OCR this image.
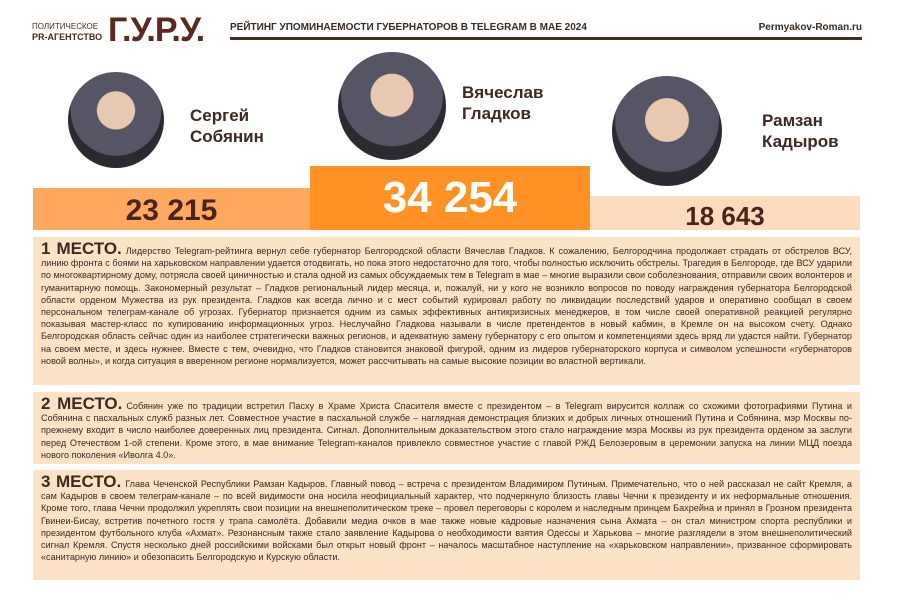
ПОЛИТИЧЕСКОЕ
PR-АГЕНТСТВО Г.У.Р.У.	РЕЙТИНГ УПОМИНАЕМОСТИ ГУБЕРНАТОРОВ В TELEGRAM В МАЕ 2024	Permyakov-Roman.ru
Сергей
Собянин
Вячеслав
Гладков	Рамзан
Кадыров
23 215	34 254	18 643
1 МЕСТО. Лидерство Telegram-рейтинга вернул себе губернатор Белгородской области Вячеслав Гладков. К сожалению, Белгородчина продолжает страдать от обстрелов ВСУ, линию фронта с боями на харьковском направлении удается отодвигать, но пока этого недостаточно для того, чтобы полностью исключить обстрелы. Трагедия в Белгороде, где ВСУ ударили по многоквартирному дому, потрясла своей циничностью и стала одной из самых обсуждаемых тем в Telegram в мае – многие выразили свои соболезнования, отправили своих волонтеров и гуманитарную помощь. Закономерный результат – Гладков региональный лидер месяца, и, пожалуй, ни у кого не возникло вопросов по поводу награждения губернатора Белгородской области орденом Мужества из рук президента. Гладков как всегда лично и с мест событий курировал работу по ликвидации последствий ударов и оперативно сообщал в своем персональном телеграм-канале об угрозах. Губернатор признается одним из самых эффективных антикризисных менеджеров, в том числе своей оперативной реакцией регулярно показывая мастер-класс по купированию информационных угроз. Неслучайно Гладкова называли в числе претендентов в новый кабмин, в Кремле он на высоком счету. Однако Белгородская область сейчас один из наиболее стратегически важных регионов, и адекватную замену губернатору с его опытом и компетенциями здесь вряд ли удастся найти. Губернатор на своем месте, и здесь нужнее. Вместе с тем, очевидно, что Гладков становится знаковой фигурой, одним из лидеров губернаторского корпуса и символом успешности «губернаторов новой волны», и когда ситуация в вверенном регионе нормализуется, может рассчитывать на самые высокие позиции во властной вертикали.
2 МЕСТО. Собянин уже по традиции встретил Пасху в Храме Христа Спасителя вместе с президентом – в Telegram вирусится коллаж со схожими фотографиями Путина и Собянина с пасхальных служб разных лет. Совместное участие в пасхальной службе – наглядная демонстрация близких и добрых личных отношений Путина и Собянина, мэр Москвы по-прежнему входит в число наиболее доверенных лиц президента. Сигнал. Дополнительным доказательством этого стало награждение мэра Москвы из рук президента орденом за заслуги перед Отечеством 1-ой степени. Кроме этого, в мае внимание Telegram-каналов привлекло совместное участие с главой РЖД Белозеровым в церемонии запуска на линии МЦД поезда нового поколения «Иволга 4.0».
3 МЕСТО. Глава Чеченской Республики Рамзан Кадыров. Главный повод – встреча с президентом Владимиром Путиным. Примечательно, что о ней рассказал не сайт Кремля, а сам Кадыров в своем телеграм-канале – по всей видимости она носила неофициальный характер, что подчеркнуло близость главы Чечни к президенту и их неформальные отношения. Кроме того, глава Чечни продолжил укреплять свои позиции на внешнеполитическом треке – провел переговоры с королем и наследным принцем Бахрейна и принял в Грозном президента Гвинеи-Бисау, встретив почетного гостя у трапа самолёта. Добавили медиа очков в мае также новые кадровые назначения сына Ахмата – он стал министром спорта республики и президентом футбольного клуба «Ахмат». Резонансным также стало заявление Кадырова о необходимости взятия Одессы и Харькова – многие разглядели в этом внешнеполитический сигнал Кремля. Спустя несколько дней российскими войсками был открыт новый фронт – началось масштабное наступление на «харьковском направлении», призванное сформировать «санитарную линию» и обезопасить Белгородскую и Курскую области.
